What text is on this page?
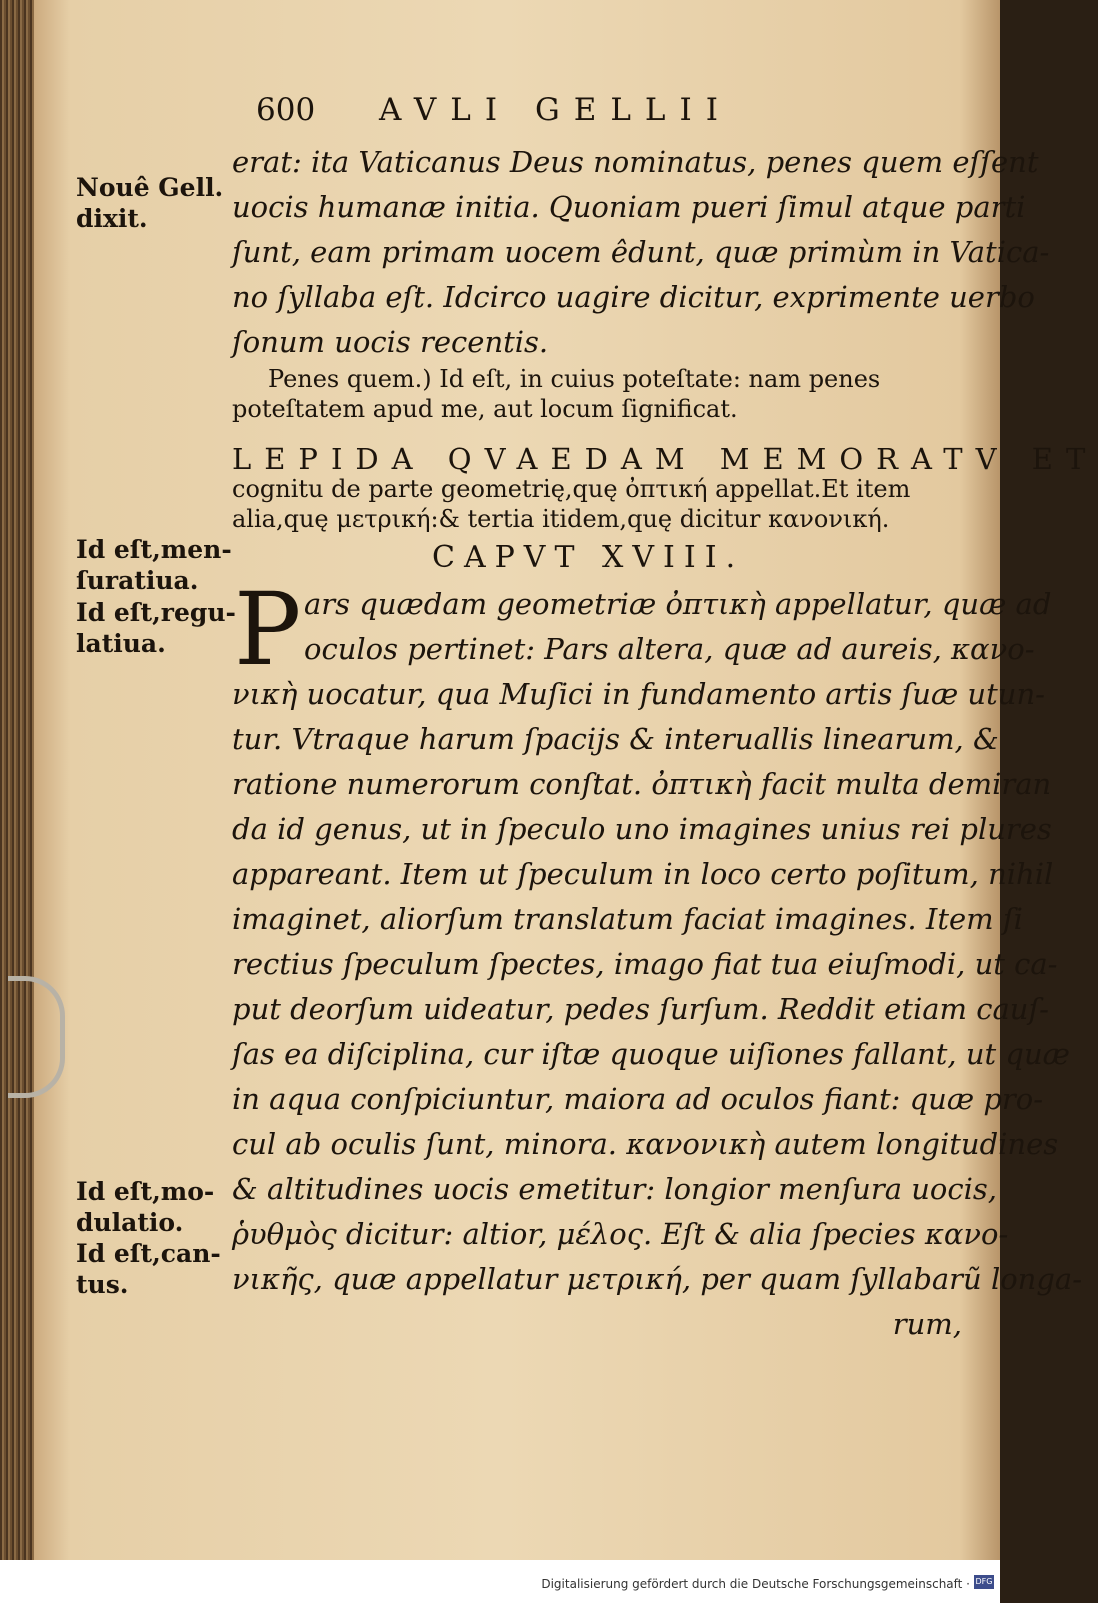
600 AVLI GELLII
Nouê Gell.
dixit.
Id eſt,men-
ſuratiua.
Id eſt,regu-
latiua.
Id eſt,mo-
dulatio.
Id eſt,can-
tus.
erat: ita Vaticanus Deus nominatus, penes quem eſſent
uocis humanæ initia. Quoniam pueri ſimul atque parti
ſunt, eam primam uocem êdunt, quæ primùm in Vatica-
no ſyllaba eſt. Idcirco uagire dicitur, exprimente uerbo
ſonum uocis recentis.
Penes quem.) Id eſt, in cuius poteſtate: nam penes
poteſtatem apud me, aut locum ſignificat.
LEPIDA QVAEDAM MEMORATV ET
cognitu de parte geometrię,quę ὀπτική appellat.Et item
alia,quę μετρική:& tertia itidem,quę dicitur κανονική.
CAPVT XVIII.
P ars quædam geometriæ ὀπτικὴ appellatur, quæ ad
oculos pertinet: Pars altera, quæ ad aureis, κανο-
νικὴ uocatur, qua Muſici in fundamento artis ſuæ utun-
tur. Vtraque harum ſpacijs & interuallis linearum, &
ratione numerorum conſtat. ὀπτικὴ facit multa demiran
da id genus, ut in ſpeculo uno imagines unius rei plures
appareant. Item ut ſpeculum in loco certo poſitum, nihil
imaginet, aliorſum translatum faciat imagines. Item ſi
rectius ſpeculum ſpectes, imago fiat tua eiuſmodi, ut ca-
put deorſum uideatur, pedes ſurſum. Reddit etiam cauſ-
ſas ea diſciplina, cur iſtæ quoque uiſiones fallant, ut quæ
in aqua conſpiciuntur, maiora ad oculos fiant: quæ pro-
cul ab oculis ſunt, minora. κανονικὴ autem longitudines
& altitudines uocis emetitur: longior menſura uocis,
ῥυθμὸς dicitur: altior, μέλος. Eſt & alia ſpecies κανο-
νικῆς, quæ appellatur μετρική, per quam ſyllabarũ longa-
rum,
Digitalisierung gefördert durch die Deutsche Forschungsgemeinschaft · DFG
